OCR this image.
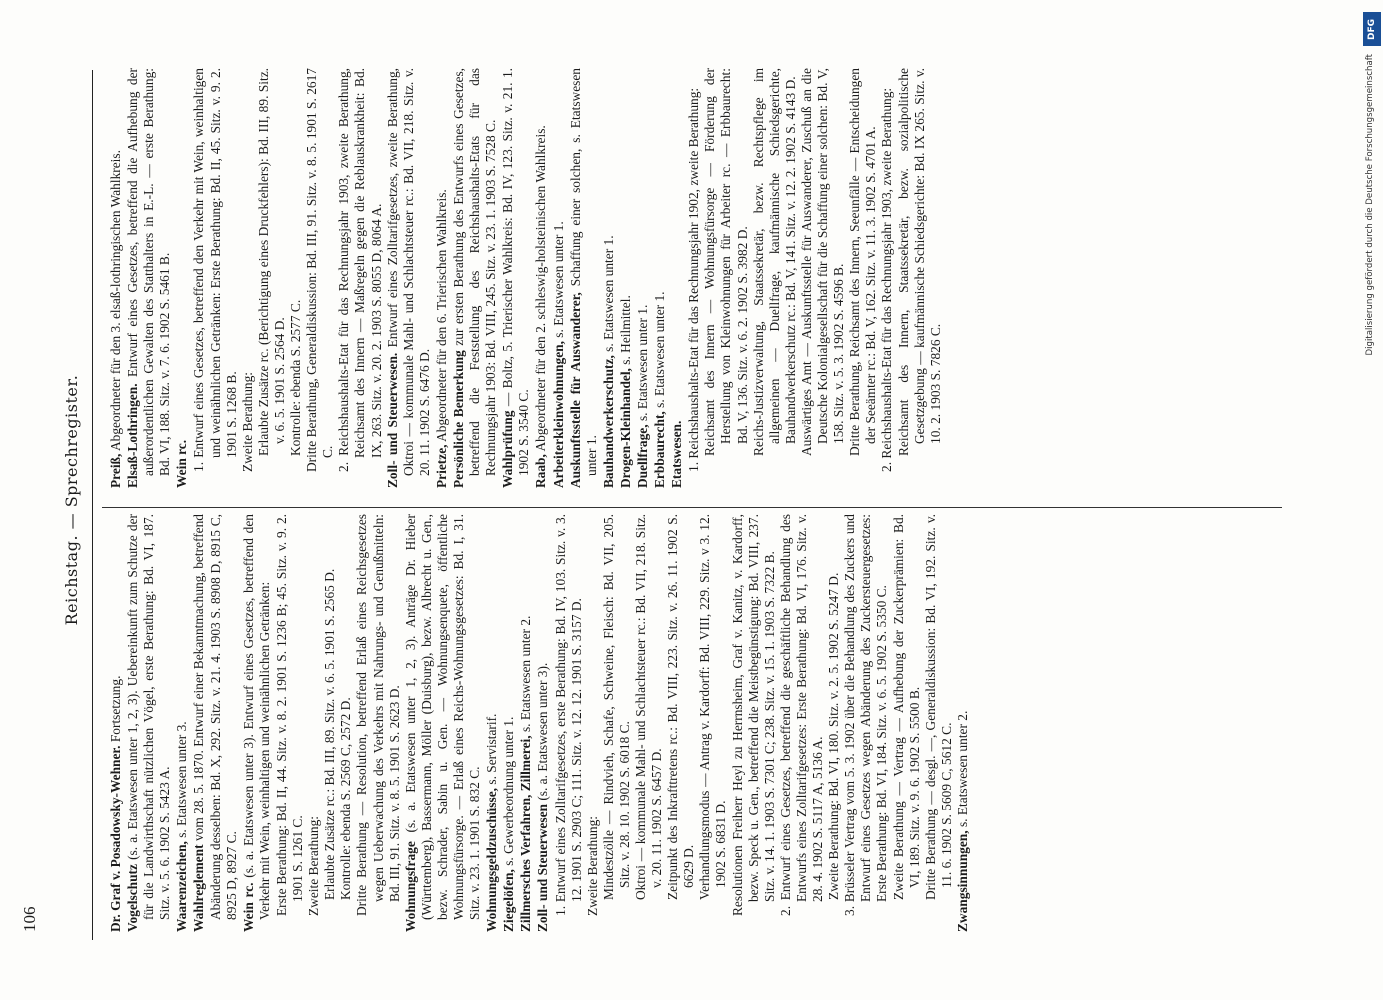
106
Reichstag. — Sprechregister.

Dr. Graf v. Posadowsky-Wehner. Fortsetzung.

Vogelschutz (s. a. Etatswesen unter 1, 2, 3). Uebereinkunft zum Schutze der für die Landwirthschaft nützlichen Vögel, erste Berathung: Bd. VI, 187. Sitz. v. 5. 6. 1902 S. 5423 A. Waarenzeichen, s. Etatswesen unter 3.

Wahlreglement vom 28. 5. 1870. Entwurf einer Bekanntmachung, betreffend Abänderung desselben: Bd. X, 292. Sitz. v. 21. 4. 1903 S. 8908 D, 8915 C, 8925 D, 8927 C. Wein rc. (s. a. Etatswesen unter 3). Entwurf eines Gesetzes, betreffend den Verkehr mit Wein, weinhaltigen und weinähnlichen Getränken: Erste Berathung: Bd. II, 44. Sitz. v. 8. 2. 1901 S. 1236 B; 45. Sitz. v. 9. 2. 1901 S. 1261 C. Zweite Berathung: Erlaubte Zusätze rc.: Bd. III, 89. Sitz. v. 6. 5. 1901 S. 2565 D. Kontrolle: ebenda S. 2569 C, 2572 D. Dritte Berathung — Resolution, betreffend Erlaß eines Reichsgesetzes wegen Ueberwachung des Verkehrs mit Nahrungs- und Genußmitteln: Bd. III, 91. Sitz. v. 8. 5. 1901 S. 2623 D. Wohnungsfrage (s. a. Etatswesen unter 1, 2, 3). Anträge Dr. Hieber (Württemberg), Bassermann, Möller (Duisburg), bezw. Albrecht u. Gen., bezw. Schrader, Sabin u. Gen. — Wohnungsenquete, öffentliche Wohnungsfürsorge. — Erlaß eines Reichs-Wohnungsgesetzes: Bd. I, 31. Sitz. v. 23. 1. 1901 S. 832 C. Wohnungsgeldzuschüsse, s. Servistarif.

Ziegelöfen, s. Gewerbeordnung unter 1. Zillmersches Verfahren, Zillmerei, s. Etatswesen unter 2.

Zoll- und Steuerwesen (s. a. Etatswesen unter 3). 1. Entwurf eines Zolltarifgesetzes, erste Berathung: Bd. IV, 103. Sitz. v. 3. 12. 1901 S. 2903 C; 111. Sitz. v. 12. 12. 1901 S. 3157 D. Zweite Berathung: Mindestzölle — Rindvieh, Schafe, Schweine, Fleisch: Bd. VII, 205. Sitz. v. 28. 10. 1902 S. 6018 C. Oktroi — kommunale Mahl- und Schlachtsteuer rc.: Bd. VII, 218. Sitz. v. 20. 11. 1902 S. 6457 D. Zeitpunkt des Inkrafttretens rc.: Bd. VIII, 223. Sitz. v. 26. 11. 1902 S. 6629 D. Verhandlungsmodus — Antrag v. Kardorff: Bd. VIII, 229. Sitz. v 3. 12. 1902 S. 6831 D. Resolutionen Freiherr Heyl zu Herrnsheim, Graf v. Kanitz, v. Kardorff, bezw. Speck u. Gen., betreffend die Meistbegünstigung: Bd. VIII, 237. Sitz. v. 14. 1. 1903 S. 7301 C; 238. Sitz. v. 15. 1. 1903 S. 7322 B. 2. Entwurf eines Gesetzes, betreffend die geschäftliche Behandlung des Entwurfs eines Zolltarifgesetzes: Erste Berathung: Bd. VI, 176. Sitz. v. 28. 4. 1902 S. 5117 A, 5136 A. Zweite Berathung: Bd. VI, 180. Sitz. v. 2. 5. 1902 S. 5247 D. 3. Brüsseler Vertrag vom 5. 3. 1902 über die Behandlung des Zuckers und Entwurf eines Gesetzes wegen Abänderung des Zuckersteuergesetzes: Erste Berathung: Bd. VI, 184. Sitz. v. 6. 5. 1902 S. 5350 C. Zweite Berathung — Vertrag — Aufhebung der Zuckerprämien: Bd. VI, 189. Sitz. v. 9. 6. 1902 S. 5500 B. Dritte Berathung — desgl. —, Generaldiskussion: Bd. VI, 192. Sitz. v. 11. 6. 1902 S. 5609 C, 5612 C. Zwangsinnungen, s. Etatswesen unter 2.

Preiß, Abgeordneter für den 3. elsaß-lothringischen Wahlkreis. Elsaß-Lothringen. Entwurf eines Gesetzes, betreffend die Aufhebung der außerordentlichen Gewalten des Statthalters in E.-L. — erste Berathung: Bd. VI, 188. Sitz. v. 7. 6. 1902 S. 5461 B. Wein rc. 1. Entwurf eines Gesetzes, betreffend den Verkehr mit Wein, weinhaltigen und weinähnlichen Getränken: Erste Berathung: Bd. II, 45. Sitz. v. 9. 2. 1901 S. 1268 B. Zweite Berathung: Erlaubte Zusätze rc. (Berichtigung eines Druckfehlers): Bd. III, 89. Sitz. v. 6. 5. 1901 S. 2564 D. Kontrolle: ebenda S. 2577 C. Dritte Berathung, Generaldiskussion: Bd. III, 91. Sitz. v. 8. 5. 1901 S. 2617 C. 2. Reichshaushalts-Etat für das Rechnungsjahr 1903, zweite Berathung, Reichsamt des Innern — Maßregeln gegen die Reblauskrankheit: Bd. IX, 263. Sitz. v. 20. 2. 1903 S. 8055 D, 8064 A. Zoll- und Steuerwesen. Entwurf eines Zolltarifgesetzes, zweite Berathung, Oktroi — kommunale Mahl- und Schlachtsteuer rc.: Bd. VII, 218. Sitz. v. 20. 11. 1902 S. 6476 D. Prietze, Abgeordneter für den 6. Trierischen Wahlkreis. Persönliche Bemerkung zur ersten Berathung des Entwurfs eines Gesetzes, betreffend die Feststellung des Reichshaushalts-Etats für das Rechnungsjahr 1903: Bd. VIII, 245. Sitz. v. 23. 1. 1903 S. 7528 C. Wahlprüfung — Boltz, 5. Trierischer Wahlkreis: Bd. IV, 123. Sitz. v. 21. 1. 1902 S. 3540 C. Raab, Abgeordneter für den 2. schleswig-holsteinischen Wahlkreis. Arbeiterkleinwohnungen, s. Etatswesen unter 1.

Auskunftsstelle für Auswanderer, Schaffung einer solchen, s. Etatswesen unter 1. Bauhandwerkerschutz, s. Etatswesen unter 1.

Drogen-Kleinhandel, s. Heilmittel.

Duellfrage, s. Etatswesen unter 1.

Erbbaurecht, s. Etatswesen unter 1.

Etatswesen. 1. Reichshaushalts-Etat für das Rechnungsjahr 1902, zweite Berathung: Reichsamt des Innern — Wohnungsfürsorge — Förderung der Herstellung von Kleinwohnungen für Arbeiter rc. — Erbbaurecht: Bd. V, 136. Sitz. v. 6. 2. 1902 S. 3982 D. Reichs-Justizverwaltung, Staatssekretär, bezw. Rechtspflege im allgemeinen — Duellfrage, kaufmännische Schiedsgerichte, Bauhandwerkerschutz rc.: Bd. V, 141. Sitz. v. 12. 2. 1902 S. 4143 D. Auswärtiges Amt — Auskunftsstelle für Auswanderer, Zuschuß an die Deutsche Kolonialgesellschaft für die Schaffung einer solchen: Bd. V, 158. Sitz. v. 5. 3. 1902 S. 4596 B. Dritte Berathung, Reichsamt des Innern, Seeunfälle — Entscheidungen der Seeämter rc.: Bd. V, 162. Sitz. v. 11. 3. 1902 S. 4701 A. 2. Reichshaushalts-Etat für das Rechnungsjahr 1903, zweite Berathung: Reichsamt des Innern, Staatssekretär, bezw. sozialpolitische Gesetzgebung — kaufmännische Schiedsgerichte: Bd. IX 265. Sitz. v. 10. 2. 1903 S. 7826 C.

DFG
Digitalisierung gefördert durch die Deutsche Forschungsgemeinschaft
